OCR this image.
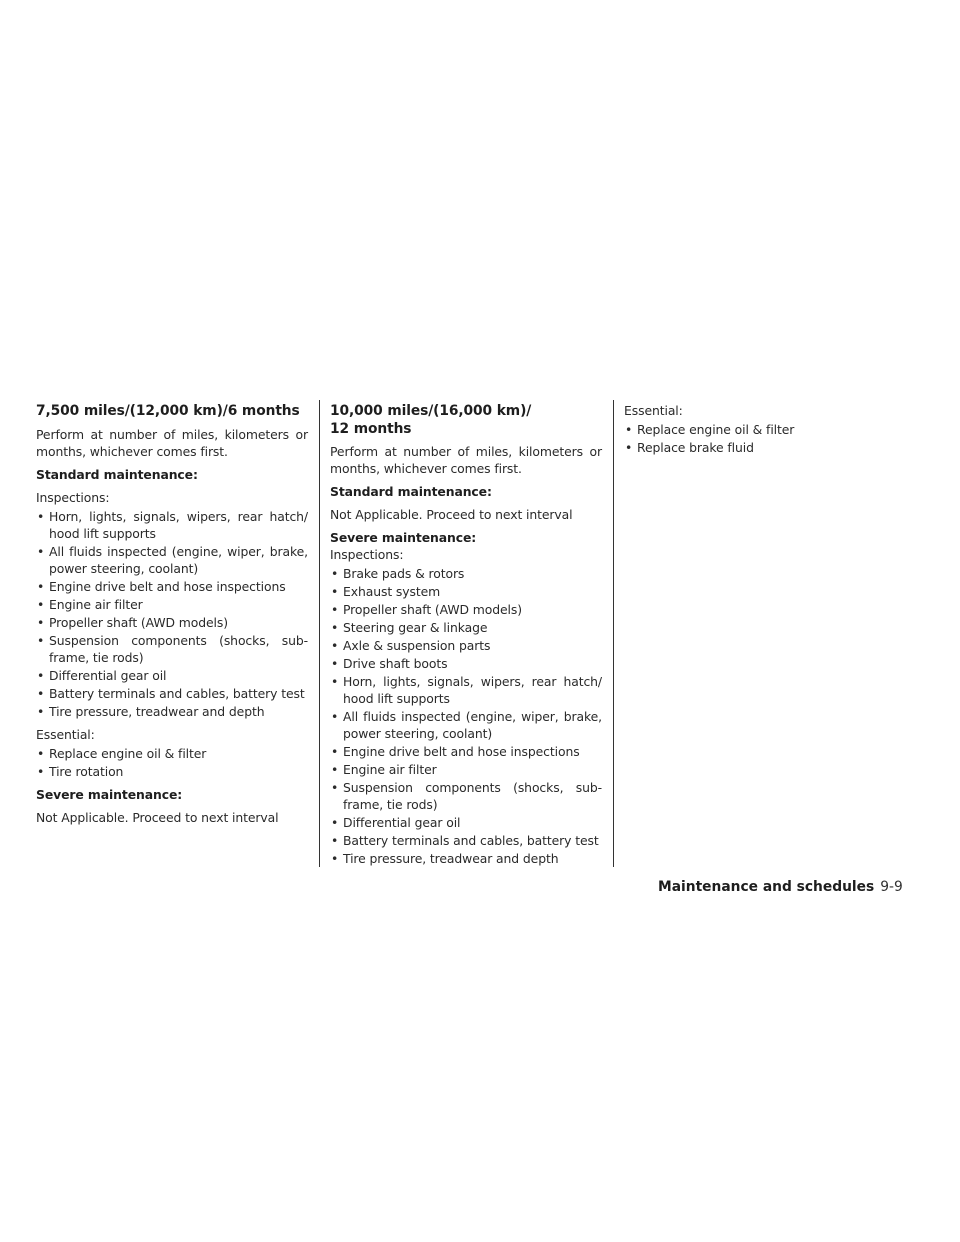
7,500 miles/(12,000 km)/6 months

Perform at number of miles, kilometers or months, whichever comes first.

Standard maintenance:

Inspections:

• Horn, lights, signals, wipers, rear hatch/ hood lift supports
• All fluids inspected (engine, wiper, brake, power steering, coolant)
• Engine drive belt and hose inspections
• Engine air filter
• Propeller shaft (AWD models)
• Suspension components (shocks, sub-frame, tie rods)
• Differential gear oil
• Battery terminals and cables, battery test
• Tire pressure, treadwear and depth

Essential:

• Replace engine oil & filter
• Tire rotation

Severe maintenance:

Not Applicable. Proceed to next interval

10,000 miles/(16,000 km)/
12 months

Perform at number of miles, kilometers or months, whichever comes first.

Standard maintenance:

Not Applicable. Proceed to next interval

Severe maintenance:

Inspections:

• Brake pads & rotors
• Exhaust system
• Propeller shaft (AWD models)
• Steering gear & linkage
• Axle & suspension parts
• Drive shaft boots
• Horn, lights, signals, wipers, rear hatch/ hood lift supports
• All fluids inspected (engine, wiper, brake, power steering, coolant)
• Engine drive belt and hose inspections
• Engine air filter
• Suspension components (shocks, sub-frame, tie rods)
• Differential gear oil
• Battery terminals and cables, battery test
• Tire pressure, treadwear and depth

Essential:

• Replace engine oil & filter
• Replace brake fluid
Maintenance and schedules 9-9
